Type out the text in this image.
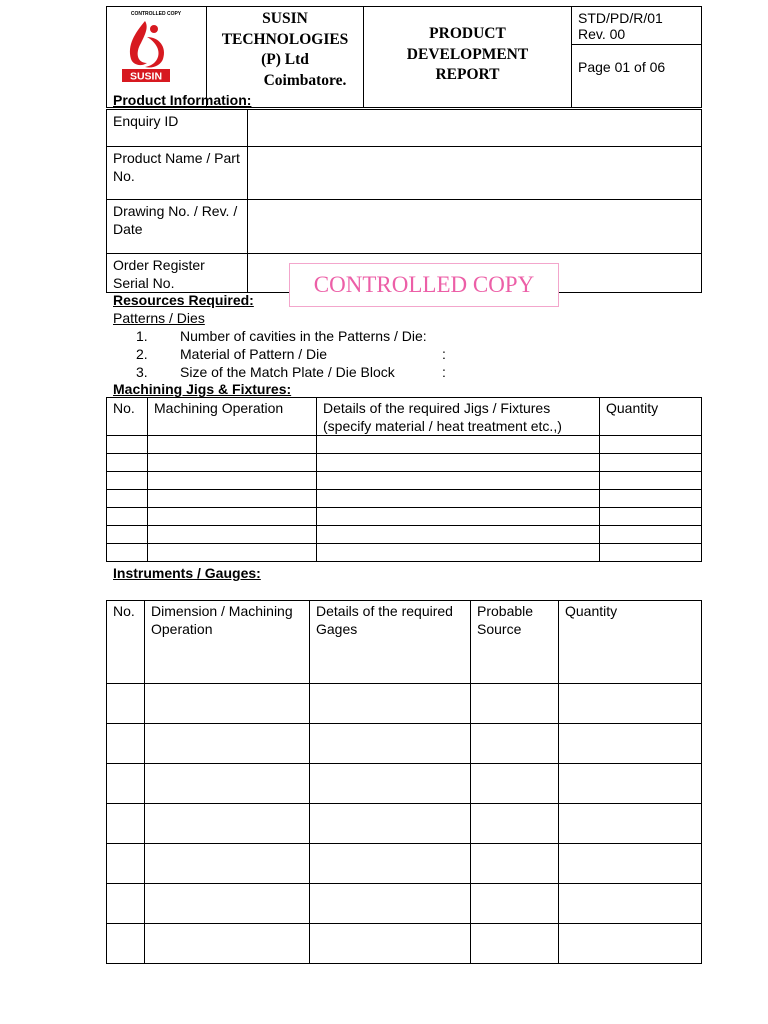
CONTROLLED COPY
SUSIN

SUSIN
TECHNOLOGIES
(P) Ltd
Coimbatore.

PRODUCT
DEVELOPMENT
REPORT

STD/PD/R/01
Rev. 00
Page 01 of 06
Product Information:
Enquiry ID	
Product Name / Part No.	
Drawing No. / Rev. / Date	
Order Register Serial No.		CONTROLLED COPY
Resources Required:
Patterns / Dies
1. Number of cavities in the Patterns / Die:
2. Material of Pattern / Die	:
3. Size of the Match Plate / Die Block	:
Machining Jigs & Fixtures:
No.	Machining Operation	Details of the required Jigs / Fixtures (specify material / heat treatment etc.,)	Quantity

Instruments / Gauges:
No.	Dimension / Machining Operation	Details of the required Gages	Probable Source	Quantity
